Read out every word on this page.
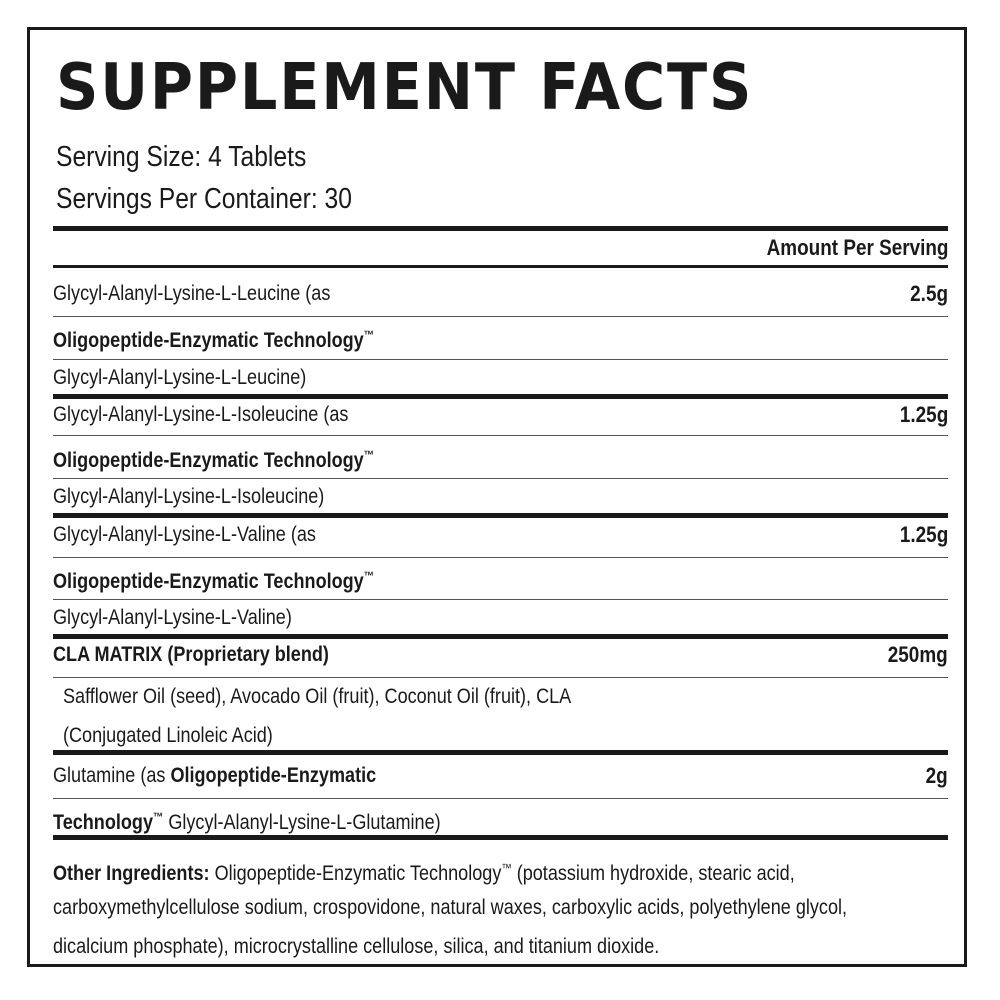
SUPPLEMENT FACTS
Serving Size: 4 Tablets
Servings Per Container: 30
Amount Per Serving
Glycyl-Alanyl-Lysine-L-Leucine (as	2.5g
Oligopeptide-Enzymatic Technology™
Glycyl-Alanyl-Lysine-L-Leucine)
Glycyl-Alanyl-Lysine-L-Isoleucine (as	1.25g
Oligopeptide-Enzymatic Technology™
Glycyl-Alanyl-Lysine-L-Isoleucine)
Glycyl-Alanyl-Lysine-L-Valine (as	1.25g
Oligopeptide-Enzymatic Technology™
Glycyl-Alanyl-Lysine-L-Valine)
CLA MATRIX (Proprietary blend)	250mg
Safflower Oil (seed), Avocado Oil (fruit), Coconut Oil (fruit), CLA
(Conjugated Linoleic Acid)
Glutamine (as Oligopeptide-Enzymatic	2g
Technology™ Glycyl-Alanyl-Lysine-L-Glutamine)
Other Ingredients: Oligopeptide-Enzymatic Technology™ (potassium hydroxide, stearic acid,
carboxymethylcellulose sodium, crospovidone, natural waxes, carboxylic acids, polyethylene glycol,
dicalcium phosphate), microcrystalline cellulose, silica, and titanium dioxide.
